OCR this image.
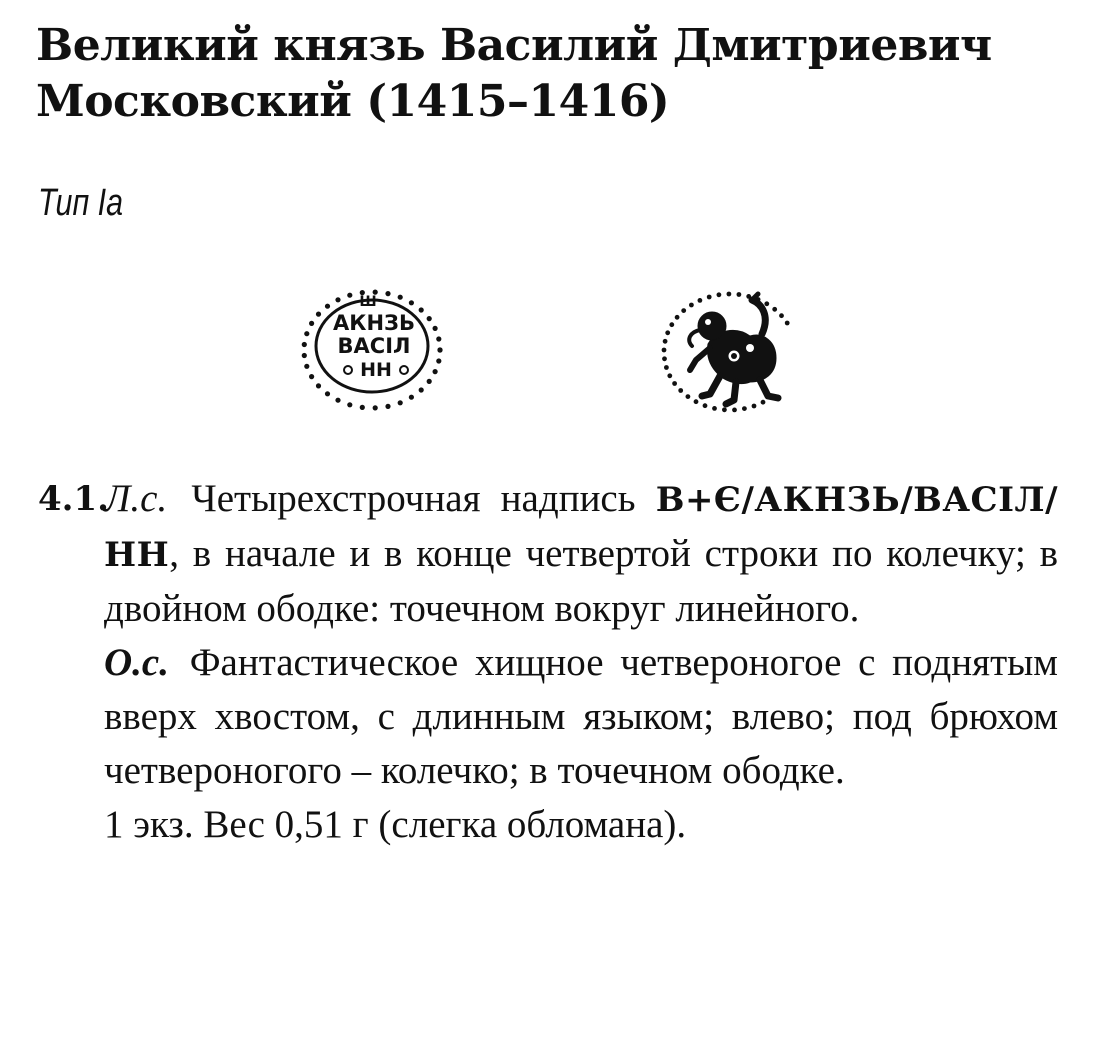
Великий князь Василий Дмитриевич Московский (1415–1416)
Тип Iа
Ш
АКНЗЬ
ВАСIЛ
НН
4.1.

Л.с. Четырехстрочная надпись В+Є/АКНЗЬ/ВАСIЛ/НН, в начале и в конце четвертой строки по колечку; в двойном ободке: точечном вокруг линейного.

О.с. Фантастическое хищное четвероногое с поднятым вверх хвостом, с длинным языком; влево; под брюхом четвероногого – колечко; в точечном ободке.

1 экз. Вес 0,51 г (слегка обломана).
